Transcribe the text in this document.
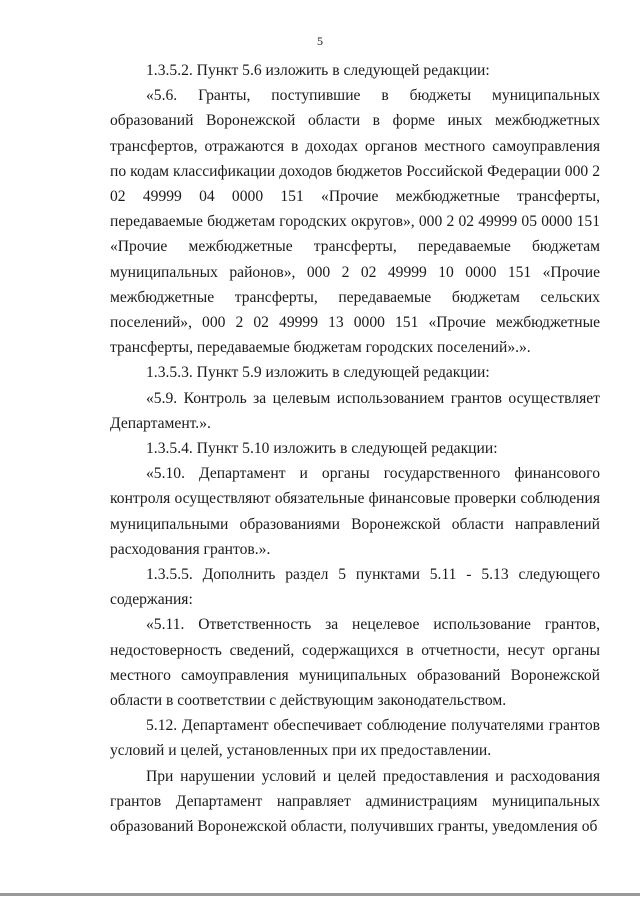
5

1.3.5.2. Пункт 5.6 изложить в следующей редакции:

«5.6. Гранты, поступившие в бюджеты муниципальных образований Воронежской области в форме иных межбюджетных трансфертов, отражаются в доходах органов местного самоуправления по кодам классификации доходов бюджетов Российской Федерации 000 2 02 49999 04 0000 151 «Прочие межбюджетные трансферты, передаваемые бюджетам городских округов», 000 2 02 49999 05 0000 151 «Прочие межбюджетные трансферты, передаваемые бюджетам муниципальных районов», 000 2 02 49999 10 0000 151 «Прочие межбюджетные трансферты, передаваемые бюджетам сельских поселений», 000 2 02 49999 13 0000 151 «Прочие межбюджетные трансферты, передаваемые бюджетам городских поселений».».

1.3.5.3. Пункт 5.9 изложить в следующей редакции:

«5.9. Контроль за целевым использованием грантов осуществляет Департамент.».

1.3.5.4. Пункт 5.10 изложить в следующей редакции:

«5.10. Департамент и органы государственного финансового контроля осуществляют обязательные финансовые проверки соблюдения муниципальными образованиями Воронежской области направлений расходования грантов.».

1.3.5.5. Дополнить раздел 5 пунктами 5.11 - 5.13 следующего содержания:

«5.11. Ответственность за нецелевое использование грантов, недостоверность сведений, содержащихся в отчетности, несут органы местного самоуправления муниципальных образований Воронежской области в соответствии с действующим законодательством.

5.12. Департамент обеспечивает соблюдение получателями грантов условий и целей, установленных при их предоставлении.

При нарушении условий и целей предоставления и расходования грантов Департамент направляет администрациям муниципальных образований Воронежской области, получивших гранты, уведомления об
